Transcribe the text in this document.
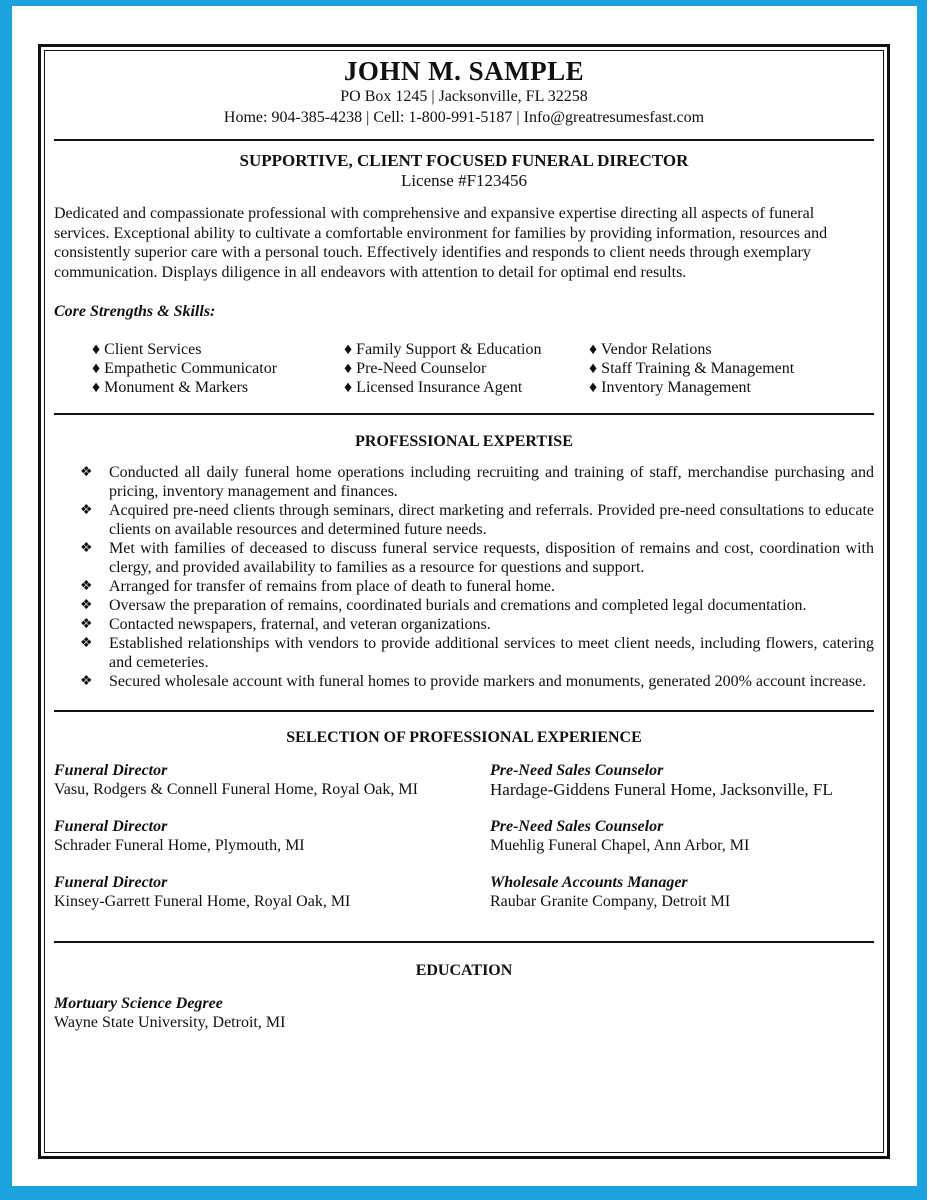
JOHN M. SAMPLE
PO Box 1245 | Jacksonville, FL 32258
Home: 904-385-4238 | Cell: 1-800-991-5187 | Info@greatresumesfast.com
SUPPORTIVE, CLIENT FOCUSED FUNERAL DIRECTOR
License #F123456
Dedicated and compassionate professional with comprehensive and expansive expertise directing all aspects of funeral
services. Exceptional ability to cultivate a comfortable environment for families by providing information, resources and
consistently superior care with a personal touch. Effectively identifies and responds to client needs through exemplary
communication. Displays diligence in all endeavors with attention to detail for optimal end results.
Core Strengths & Skills:
♦ Client Services
♦ Empathetic Communicator
♦ Monument & Markers
♦ Family Support & Education
♦ Pre-Need Counselor
♦ Licensed Insurance Agent
♦ Vendor Relations
♦ Staff Training & Management
♦ Inventory Management
PROFESSIONAL EXPERTISE
❖ Conducted all daily funeral home operations including recruiting and training of staff, merchandise purchasing and pricing, inventory management and finances.
❖ Acquired pre-need clients through seminars, direct marketing and referrals. Provided pre-need consultations to educate clients on available resources and determined future needs.
❖ Met with families of deceased to discuss funeral service requests, disposition of remains and cost, coordination with clergy, and provided availability to families as a resource for questions and support.
❖ Arranged for transfer of remains from place of death to funeral home.
❖ Oversaw the preparation of remains, coordinated burials and cremations and completed legal documentation.
❖ Contacted newspapers, fraternal, and veteran organizations.
❖ Established relationships with vendors to provide additional services to meet client needs, including flowers, catering and cemeteries.
❖ Secured wholesale account with funeral homes to provide markers and monuments, generated 200% account increase.
SELECTION OF PROFESSIONAL EXPERIENCE
Funeral Director
Vasu, Rodgers & Connell Funeral Home, Royal Oak, MI
Funeral Director
Schrader Funeral Home, Plymouth, MI
Funeral Director
Kinsey-Garrett Funeral Home, Royal Oak, MI
Pre-Need Sales Counselor
Hardage-Giddens Funeral Home, Jacksonville, FL
Pre-Need Sales Counselor
Muehlig Funeral Chapel, Ann Arbor, MI
Wholesale Accounts Manager
Raubar Granite Company, Detroit MI
EDUCATION
Mortuary Science Degree
Wayne State University, Detroit, MI
